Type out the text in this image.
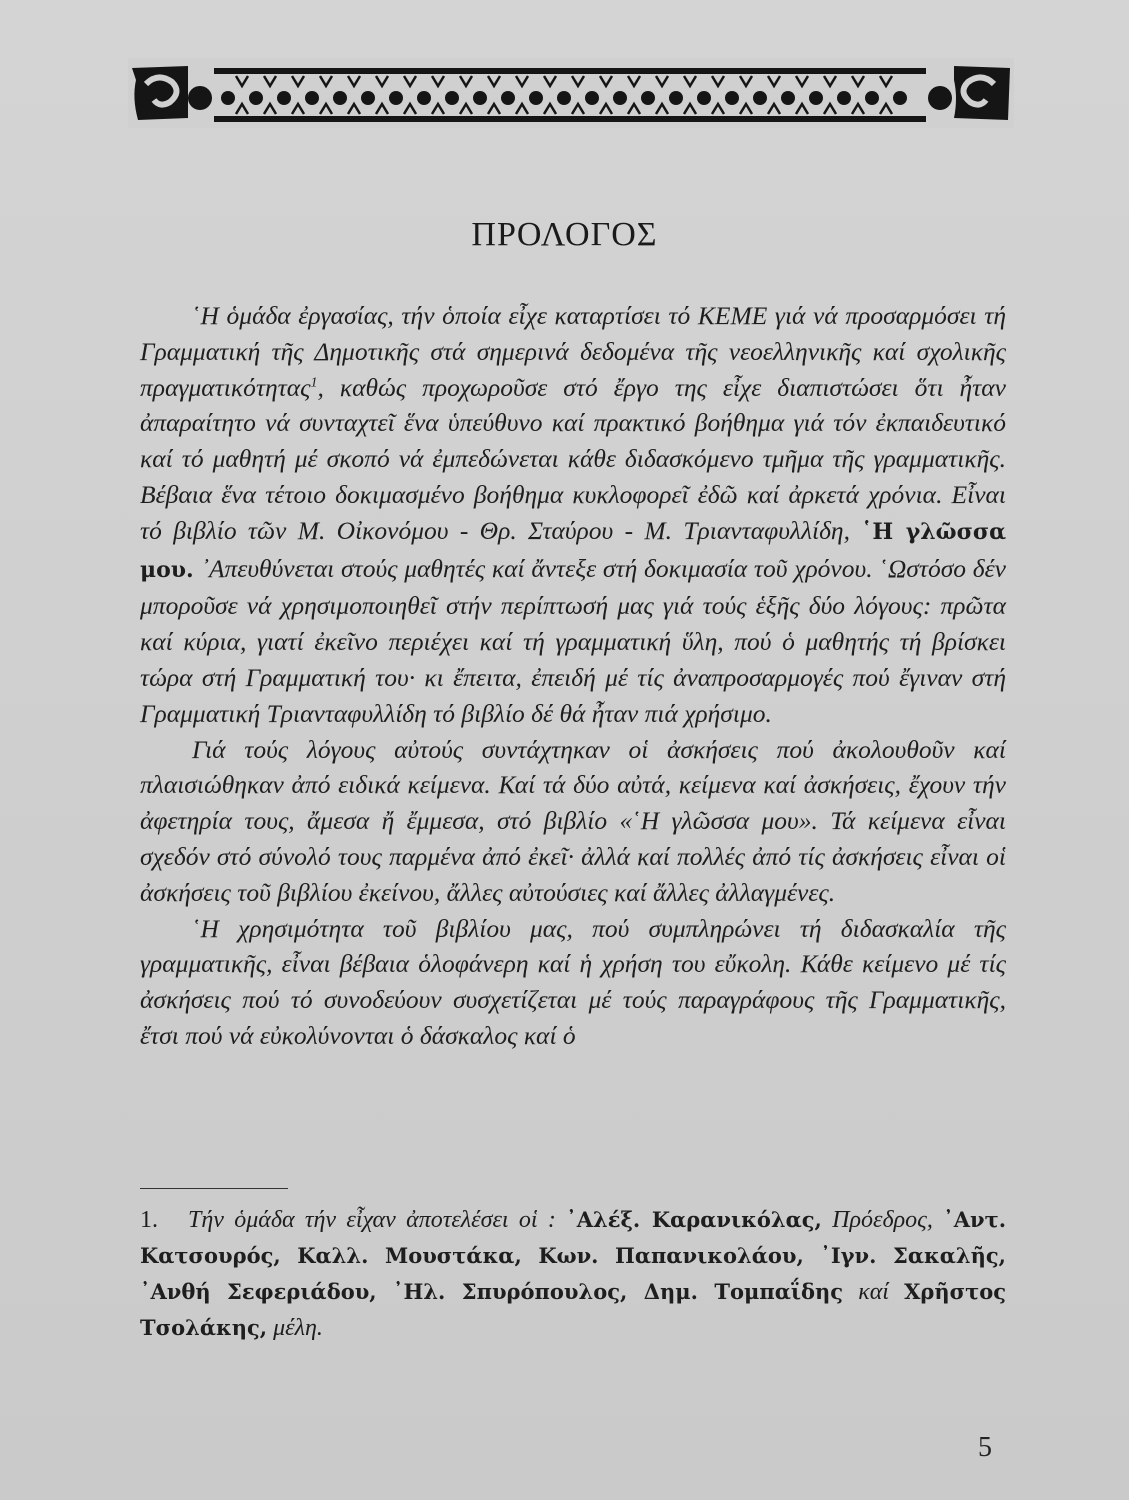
ΠΡΟΛΟΓΟΣ

῾Η ὁμάδα ἐργασίας, τήν ὁποία εἶχε καταρτίσει τό ΚΕΜΕ γιά νά προσαρμόσει τή Γραμματική τῆς Δημοτικῆς στά σημερινά δεδομένα τῆς νεοελληνικῆς καί σχολικῆς πραγματικότητας$^1$, καθώς προχωροῦσε στό ἔργο της εἶχε διαπιστώσει ὅτι ἦταν ἀπαραίτητο νά συνταχτεῖ ἕνα ὑπεύθυνο καί πρακτικό βοήθημα γιά τόν ἐκπαιδευτικό καί τό μαθητή μέ σκοπό νά ἐμπεδώνεται κάθε διδασκόμενο τμῆμα τῆς γραμματικῆς. Βέβαια ἕνα τέτοιο δοκιμασμένο βοήθημα κυκλοφορεῖ ἐδῶ καί ἀρκετά χρόνια. Εἶναι τό βιβλίο τῶν Μ. Οἰκονόμου - Θρ. Σταύρου - Μ. Τριανταφυλλίδη, ῾Η γλῶσσα μου. ᾽Απευθύνεται στούς μαθητές καί ἄντεξε στή δοκιμασία τοῦ χρόνου. ῾Ωστόσο δέν μποροῦσε νά χρησιμοποιηθεῖ στήν περίπτωσή μας γιά τούς ἑξῆς δύο λόγους: πρῶτα καί κύρια, γιατί ἐκεῖνο περιέχει καί τή γραμματική ὕλη, πού ὁ μαθητής τή βρίσκει τώρα στή Γραμματική του· κι ἔπειτα, ἐπειδή μέ τίς ἀναπροσαρμογές πού ἔγιναν στή Γραμματική Τριανταφυλλίδη τό βιβλίο δέ θά ἦταν πιά χρήσιμο.

Γιά τούς λόγους αὐτούς συντάχτηκαν οἱ ἀσκήσεις πού ἀκολουθοῦν καί πλαισιώθηκαν ἀπό ειδικά κείμενα. Καί τά δύο αὐτά, κείμενα καί ἀσκήσεις, ἔχουν τήν ἀφετηρία τους, ἄμεσα ἤ ἔμμεσα, στό βιβλίο «῾Η γλῶσσα μου». Τά κείμενα εἶναι σχεδόν στό σύνολό τους παρμένα ἀπό ἐκεῖ· ἀλλά καί πολλές ἀπό τίς ἀσκήσεις εἶναι οἱ ἀσκήσεις τοῦ βιβλίου ἐκείνου, ἄλλες αὐτούσιες καί ἄλλες ἀλλαγμένες.

῾Η χρησιμότητα τοῦ βιβλίου μας, πού συμπληρώνει τή διδασκαλία τῆς γραμματικῆς, εἶναι βέβαια ὁλοφάνερη καί ἡ χρήση του εὔκολη. Κάθε κείμενο μέ τίς ἀσκήσεις πού τό συνοδεύουν συσχετίζεται μέ τούς παραγράφους τῆς Γραμματικῆς, ἔτσι πού νά εὐκολύνονται ὁ δάσκαλος καί ὁ

1. Τήν ὁμάδα τήν εἶχαν ἀποτελέσει οἱ : ᾽Αλέξ. Καρανικόλας, Πρόεδρος, ᾽Αντ. Κατσουρός, Καλλ. Μουστάκα, Κων. Παπανικολάου, ᾽Ιγν. Σακαλῆς, ᾽Ανθή Σεφεριάδου, ᾽Ηλ. Σπυρόπουλος, Δημ. Τομπαΐδης καί Χρῆστος Τσολάκης, μέλη.
5
